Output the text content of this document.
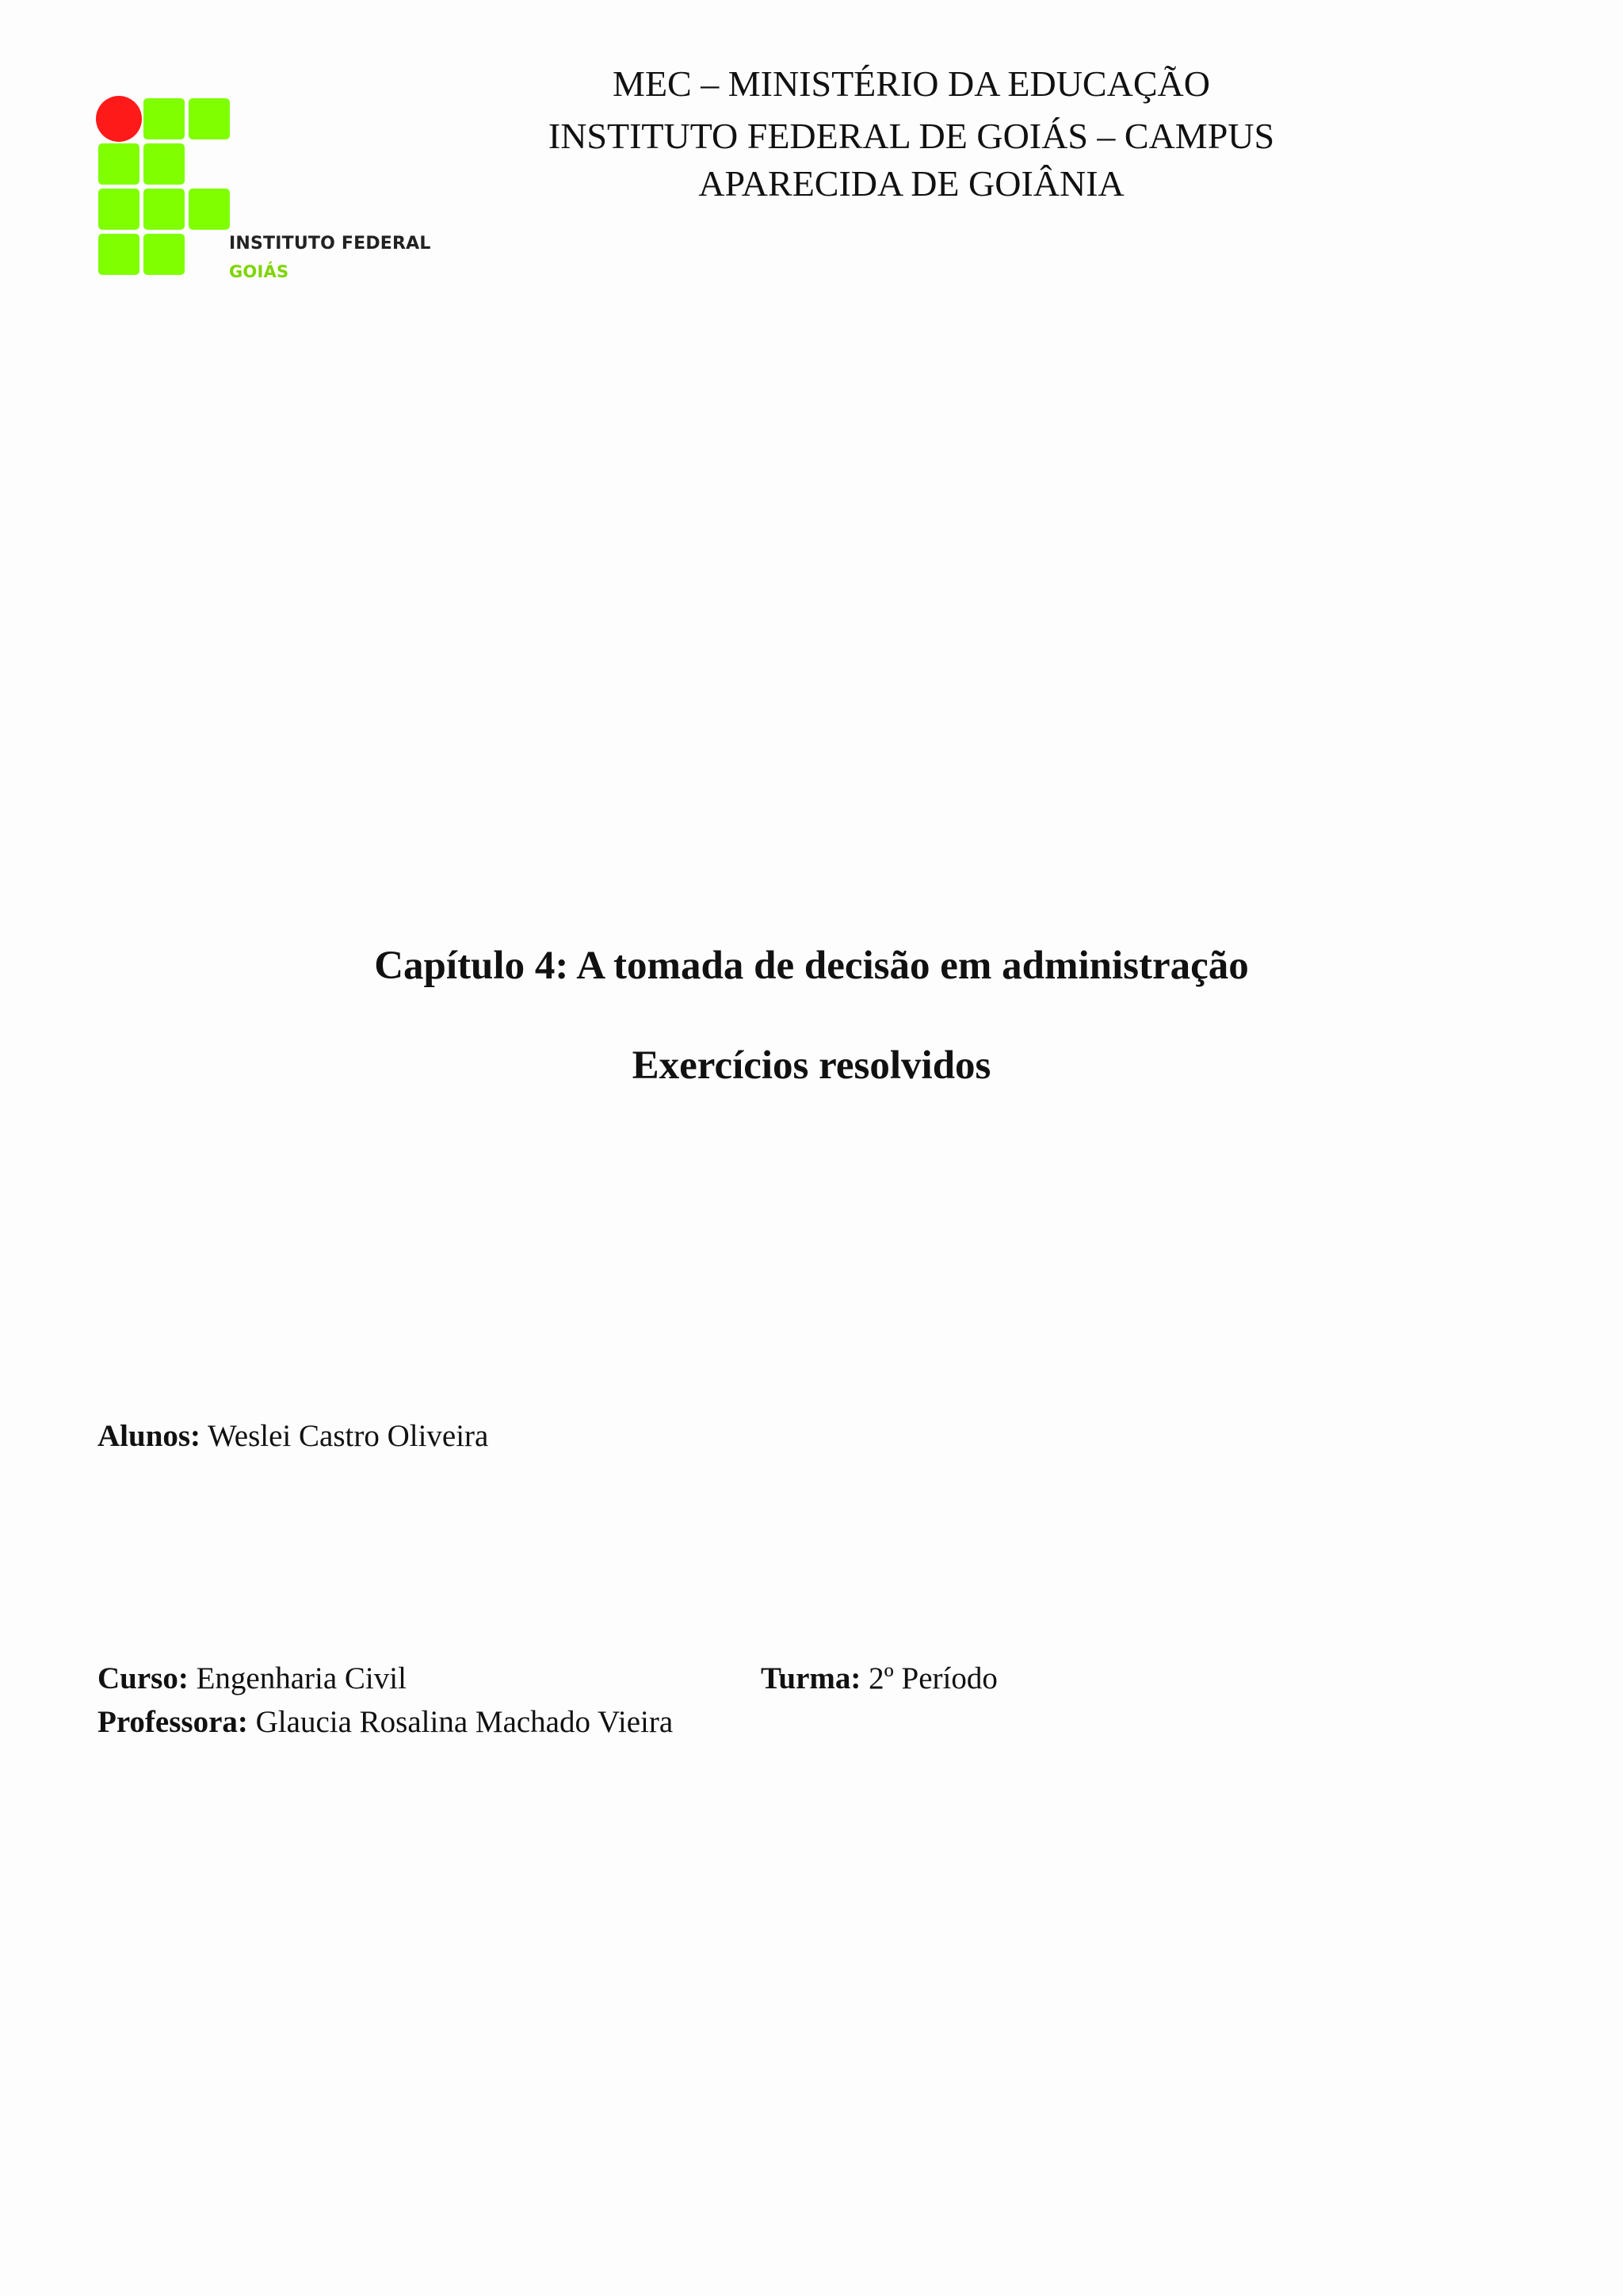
INSTITUTO FEDERAL
GOIÁS
MEC – MINISTÉRIO DA EDUCAÇÃO
INSTITUTO FEDERAL DE GOIÁS – CAMPUS
APARECIDA DE GOIÂNIA
Capítulo 4: A tomada de decisão em administração
Exercícios resolvidos
Alunos: Weslei Castro Oliveira
Curso: Engenharia Civil	Turma: 2º Período
Professora: Glaucia Rosalina Machado Vieira
